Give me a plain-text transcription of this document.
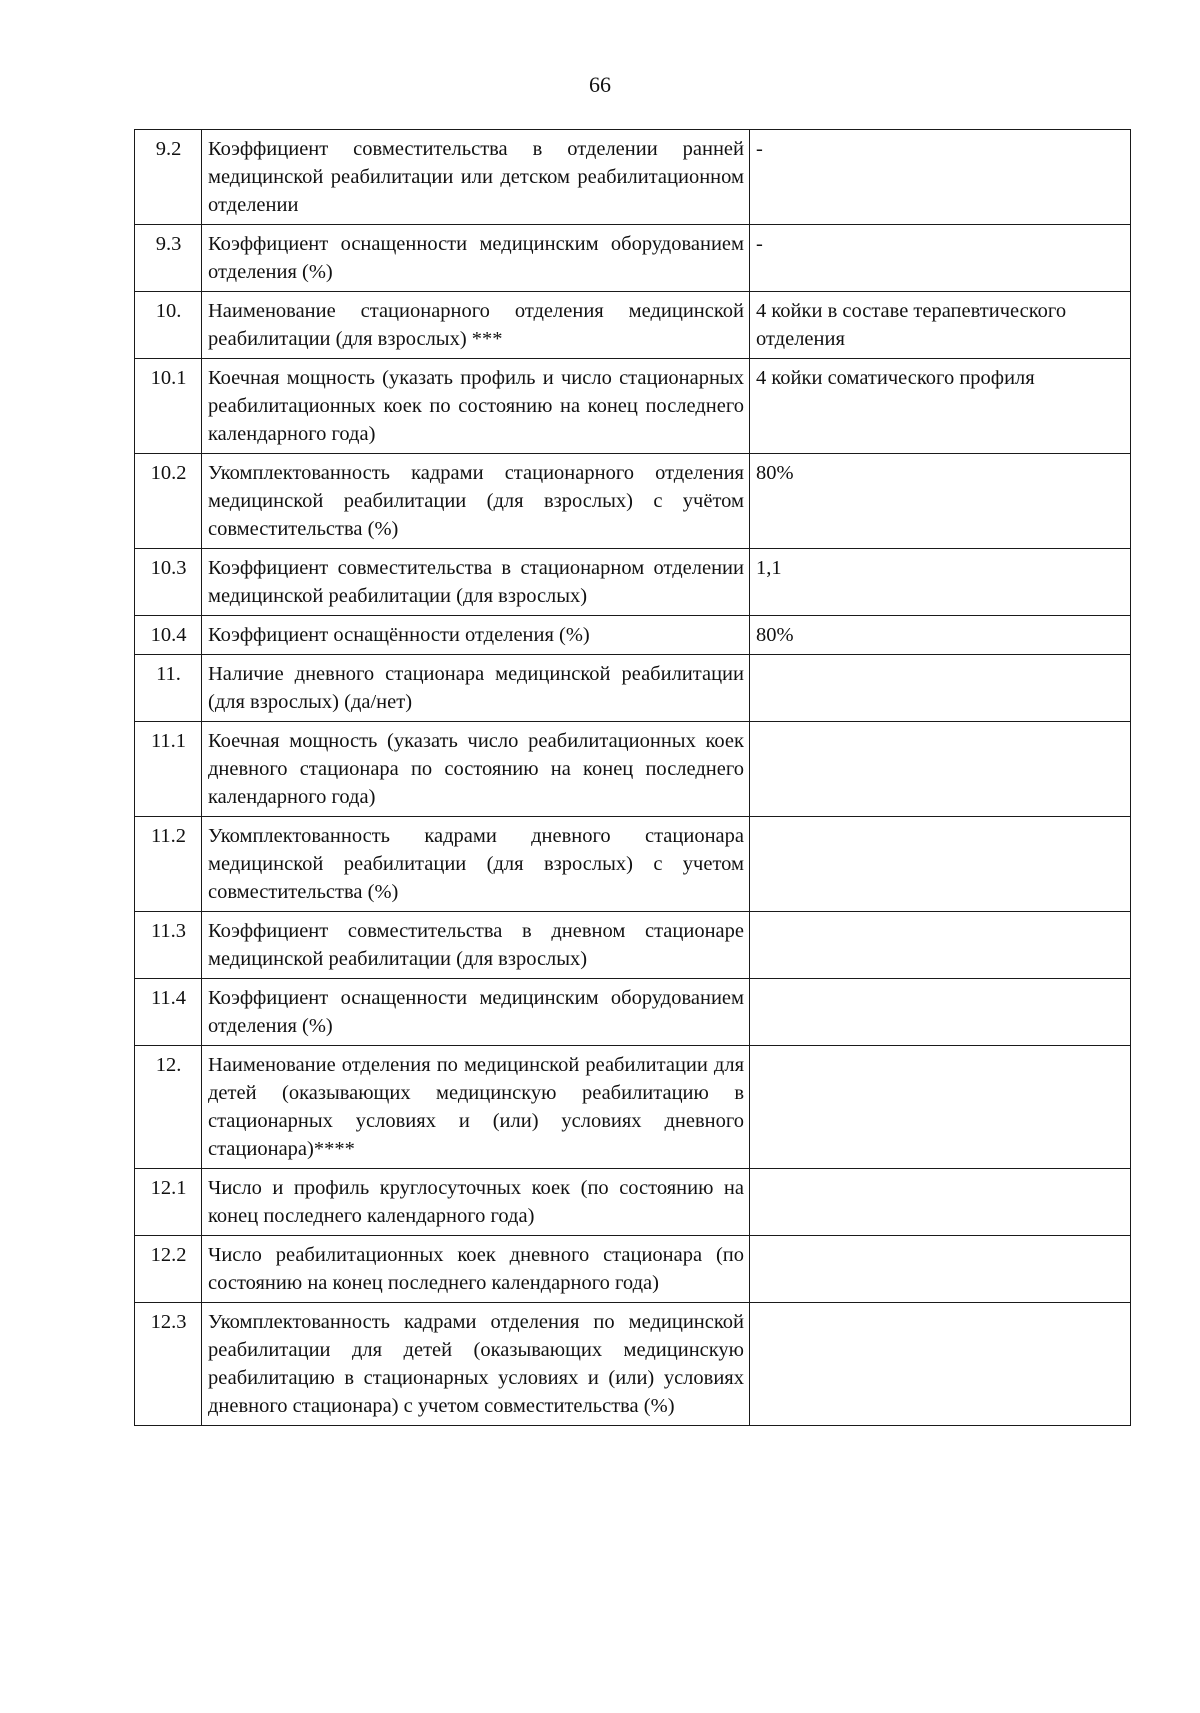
66
9.2	Коэффициент совместительства в отделении ранней медицинской реабилитации или детском реабилитационном отделении	-
9.3	Коэффициент оснащенности медицинским оборудованием отделения (%)	-
10.	Наименование стационарного отделения медицинской реабилитации (для взрослых) ***	4 койки в составе терапевтического отделения
10.1	Коечная мощность (указать профиль и число стационарных реабилитационных коек по состоянию на конец последнего календарного года)	4 койки соматического профиля
10.2	Укомплектованность кадрами стационарного отделения медицинской реабилитации (для взрослых) с учётом совместительства (%)	80%
10.3	Коэффициент совместительства в стационарном отделении медицинской реабилитации (для взрослых)	1,1
10.4	Коэффициент оснащённости отделения (%)	80%
11.	Наличие дневного стационара медицинской реабилитации (для взрослых) (да/нет)	
11.1	Коечная мощность (указать число реабилитационных коек дневного стационара по состоянию на конец последнего календарного года)	
11.2	Укомплектованность кадрами дневного стационара медицинской реабилитации (для взрослых) с учетом совместительства (%)	
11.3	Коэффициент совместительства в дневном стационаре медицинской реабилитации (для взрослых)	
11.4	Коэффициент оснащенности медицинским оборудованием отделения (%)	
12.	Наименование отделения по медицинской реабилитации для детей (оказывающих медицинскую реабилитацию в стационарных условиях и (или) условиях дневного стационара)****	
12.1	Число и профиль круглосуточных коек (по состоянию на конец последнего календарного года)	
12.2	Число реабилитационных коек дневного стационара (по состоянию на конец последнего календарного года)	
12.3	Укомплектованность кадрами отделения по медицинской реабилитации для детей (оказывающих медицинскую реабилитацию в стационарных условиях и (или) условиях дневного стационара) с учетом совместительства (%)	
